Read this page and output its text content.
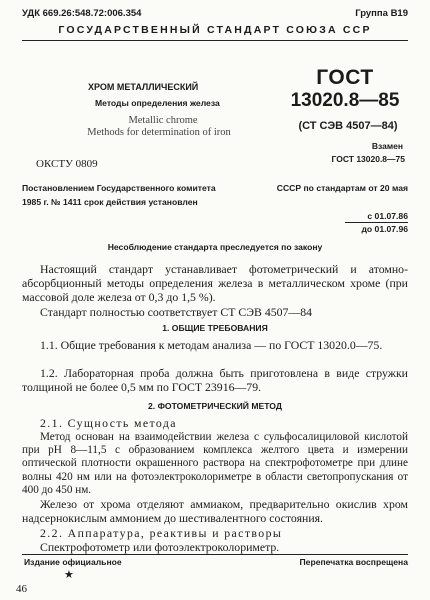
УДК 669.26:548.72:006.354	Группа В19
ГОСУДАРСТВЕННЫЙ СТАНДАРТ СОЮЗА ССР
ХРОМ МЕТАЛЛИЧЕСКИЙ
Методы определения железа
Metallic chrome
Methods for determination of iron
ОКСТУ 0809
ГОСТ
13020.8—85
(СТ СЭВ 4507—84)
Взамен
ГОСТ 13020.8—75
Постановлением Государственного комитета	СССР по стандартам от 20 мая
1985 г. № 1411 срок действия установлен
с 01.07.86
до 01.07.96
Несоблюдение стандарта преследуется по закону
Настоящий стандарт устанавливает фотометрический и атомно-абсорбционный методы определения железа в металлическом хроме (при массовой доле железа от 0,3 до 1,5 %).
Стандарт полностью соответствует СТ СЭВ 4507—84
1. ОБЩИЕ ТРЕБОВАНИЯ
1.1. Общие требования к методам анализа — по ГОСТ 13020.0—75.
1.2. Лабораторная проба должна быть приготовлена в виде стружки толщиной не более 0,5 мм по ГОСТ 23916—79.
2. ФОТОМЕТРИЧЕСКИЙ МЕТОД
2.1. Сущность метода
Метод основан на взаимодействии железа с сульфосалициловой кислотой при pH 8—11,5 с образованием комплекса желтого цвета и измерении оптической плотности окрашенного раствора на спектрофотометре при длине волны 420 нм или на фотоэлектроколориметре в области светопропускания от 400 до 450 нм.
Железо от хрома отделяют аммиаком, предварительно окислив хром надсернокислым аммонием до шестивалентного состояния.
2.2. Аппаратура, реактивы и растворы
Спектрофотометр или фотоэлектроколориметр.
Издание официальное	Перепечатка воспрещена
★
46
